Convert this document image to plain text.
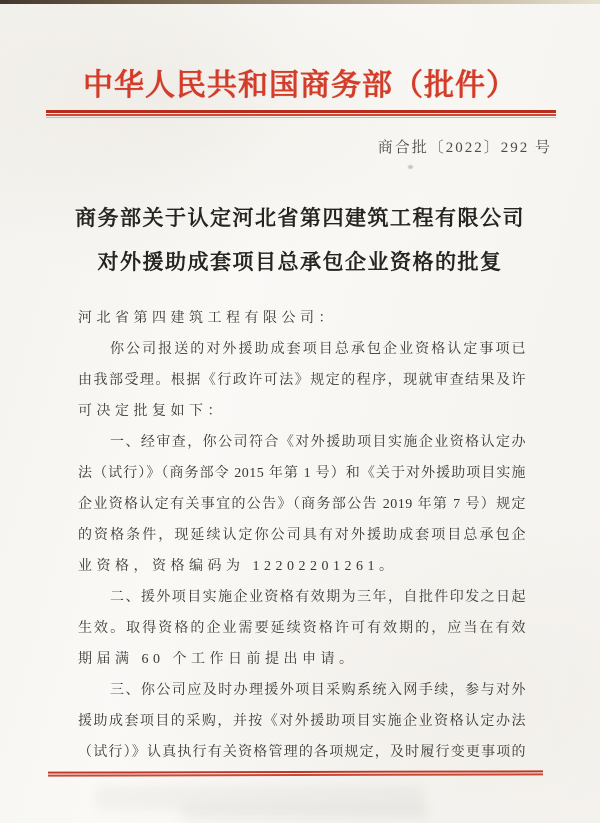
中华人民共和国商务部（批件）
商合批〔2022〕292 号
商务部关于认定河北省第四建筑工程有限公司
对外援助成套项目总承包企业资格的批复
河北省第四建筑工程有限公司：
你公司报送的对外援助成套项目总承包企业资格认定事项已
由我部受理。根据《行政许可法》规定的程序，现就审查结果及许
可决定批复如下：
一、经审查，你公司符合《对外援助项目实施企业资格认定办
法（试行）》（商务部令 2015 年第 1 号）和《关于对外援助项目实施
企业资格认定有关事宜的公告》（商务部公告 2019 年第 7 号）规定
的资格条件，现延续认定你公司具有对外援助成套项目总承包企
业资格，资格编码为 12202201261。
二、援外项目实施企业资格有效期为三年，自批件印发之日起
生效。取得资格的企业需要延续资格许可有效期的，应当在有效
期届满 60 个工作日前提出申请。
三、你公司应及时办理援外项目采购系统入网手续，参与对外
援助成套项目的采购，并按《对外援助项目实施企业资格认定办法
（试行）》认真执行有关资格管理的各项规定，及时履行变更事项的
